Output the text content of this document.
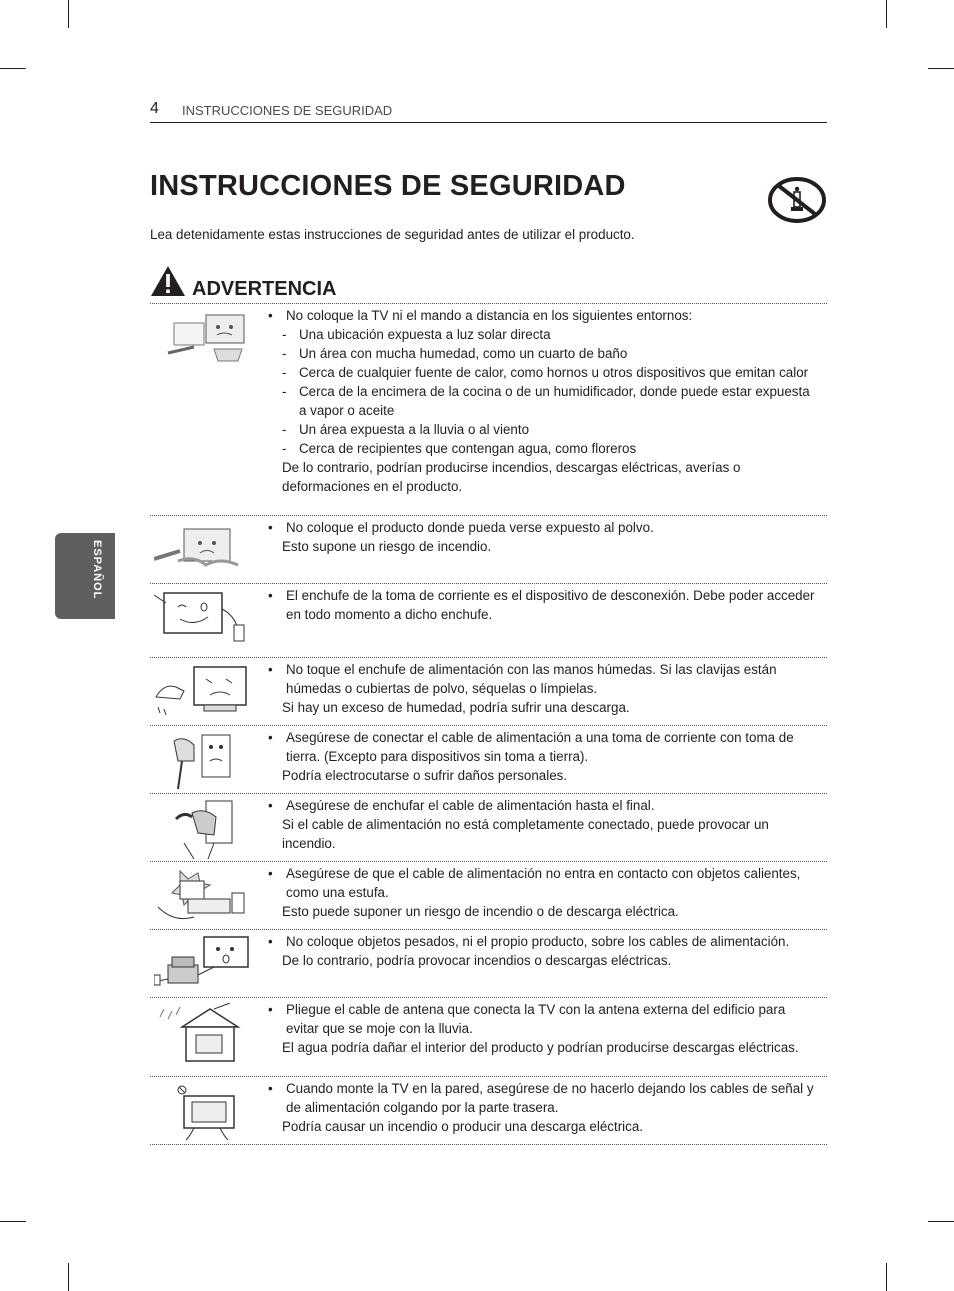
4 INSTRUCCIONES DE SEGURIDAD
INSTRUCCIONES DE SEGURIDAD
Lea detenidamente estas instrucciones de seguridad antes de utilizar el producto.
ADVERTENCIA
• No coloque la TV ni el mando a distancia en los siguientes entornos:
- Una ubicación expuesta a luz solar directa
- Un área con mucha humedad, como un cuarto de baño
- Cerca de cualquier fuente de calor, como hornos u otros dispositivos que emitan calor
- Cerca de la encimera de la cocina o de un humidificador, donde puede estar expuesta a vapor o aceite
- Un área expuesta a la lluvia o al viento
- Cerca de recipientes que contengan agua, como floreros
De lo contrario, podrían producirse incendios, descargas eléctricas, averías o deformaciones en el producto.
• No coloque el producto donde pueda verse expuesto al polvo.
Esto supone un riesgo de incendio.
• El enchufe de la toma de corriente es el dispositivo de desconexión. Debe poder acceder en todo momento a dicho enchufe.
• No toque el enchufe de alimentación con las manos húmedas. Si las clavijas están húmedas o cubiertas de polvo, séquelas o límpielas.
Si hay un exceso de humedad, podría sufrir una descarga.
• Asegúrese de conectar el cable de alimentación a una toma de corriente con toma de tierra. (Excepto para dispositivos sin toma a tierra).
Podría electrocutarse o sufrir daños personales.
• Asegúrese de enchufar el cable de alimentación hasta el final.
Si el cable de alimentación no está completamente conectado, puede provocar un incendio.
• Asegúrese de que el cable de alimentación no entra en contacto con objetos calientes, como una estufa.
Esto puede suponer un riesgo de incendio o de descarga eléctrica.
• No coloque objetos pesados, ni el propio producto, sobre los cables de alimentación.
De lo contrario, podría provocar incendios o descargas eléctricas.
• Pliegue el cable de antena que conecta la TV con la antena externa del edificio para evitar que se moje con la lluvia.
El agua podría dañar el interior del producto y podrían producirse descargas eléctricas.
• Cuando monte la TV en la pared, asegúrese de no hacerlo dejando los cables de señal y de alimentación colgando por la parte trasera.
Podría causar un incendio o producir una descarga eléctrica.
ESPAÑOL
